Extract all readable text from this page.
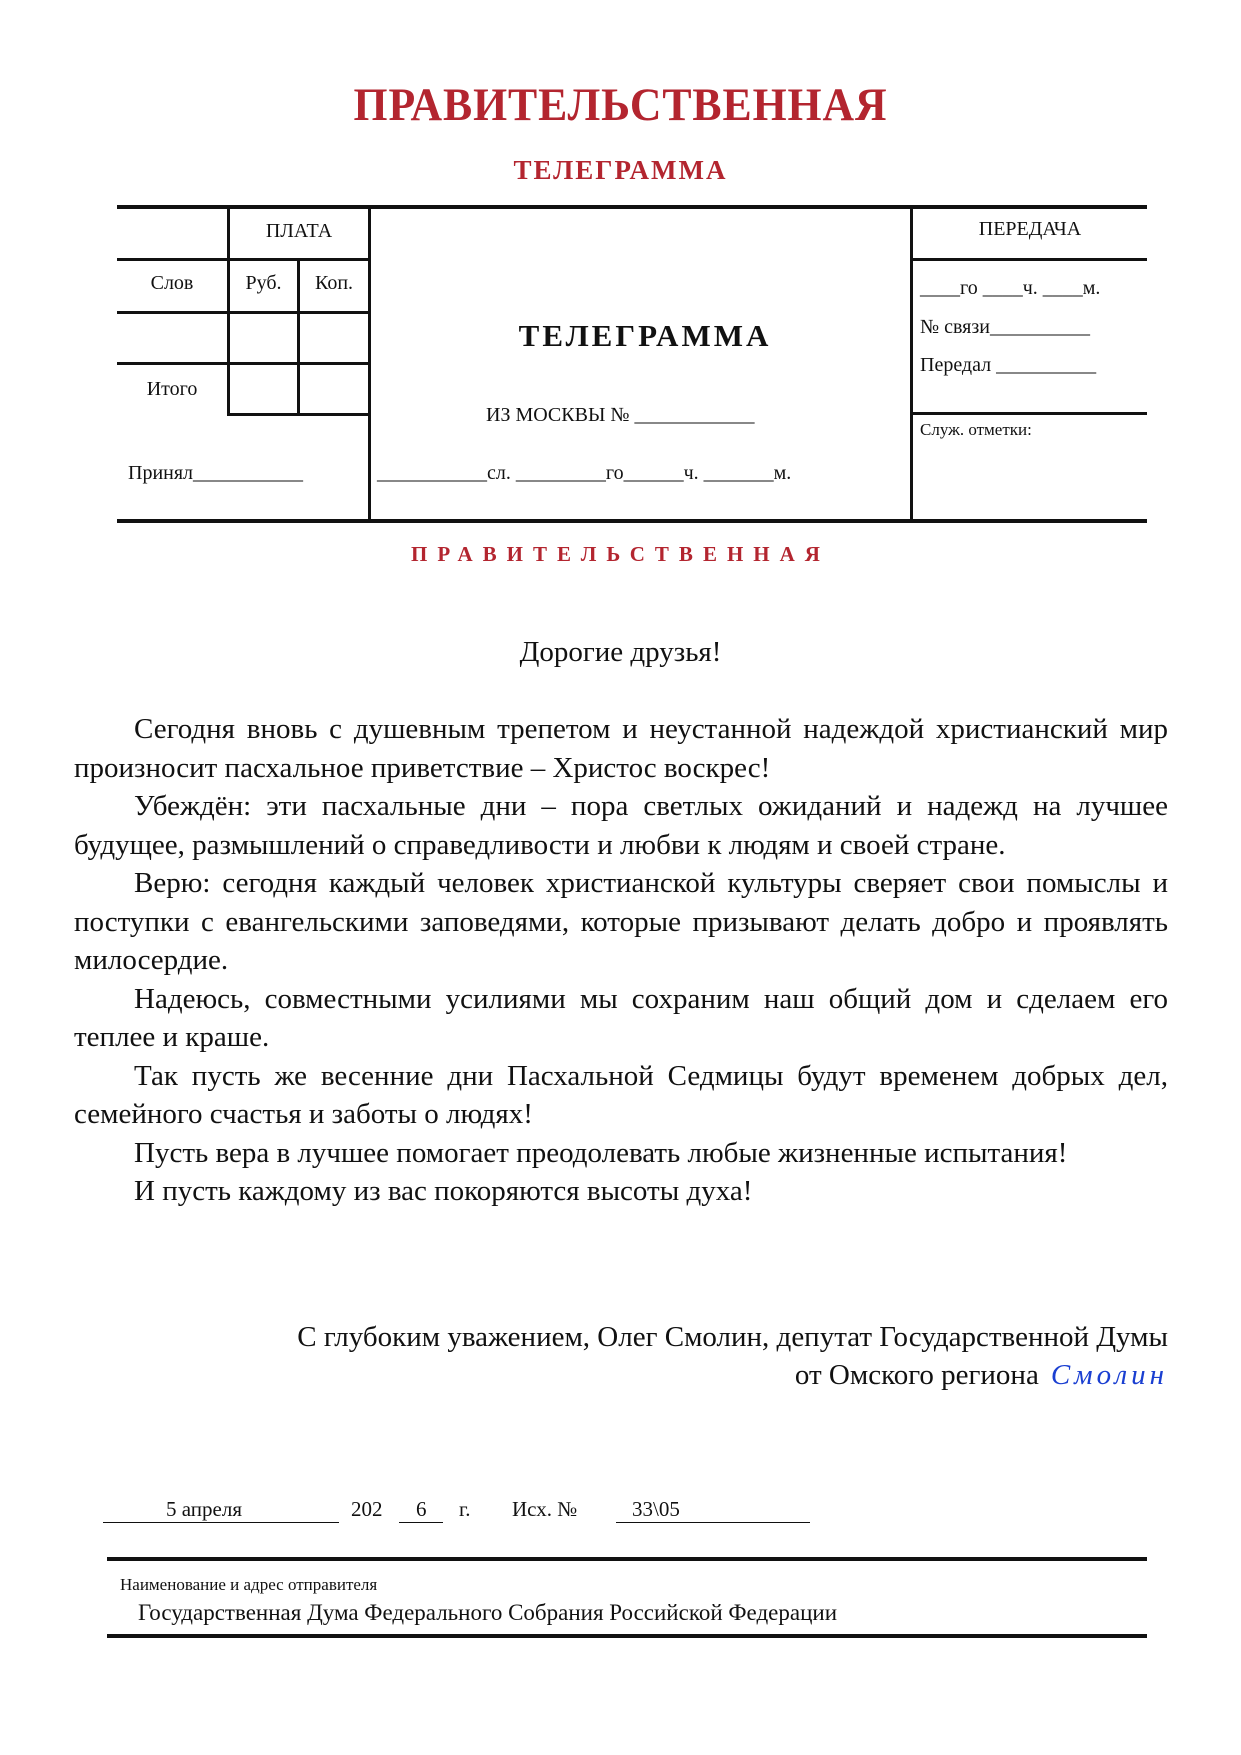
ПРАВИТЕЛЬСТВЕННАЯ
ТЕЛЕГРАММА
ПЛАТА
Слов	Руб.	Коп.
Итого
Принял___________
ТЕЛЕГРАММА
ИЗ МОСКВЫ № ____________
___________сл. _________го______ч. _______м.
ПЕРЕДАЧА
____го ____ч. ____м.
№ связи__________
Передал __________
Служ. отметки:
ПРАВИТЕЛЬСТВЕННАЯ
Дорогие друзья!

Сегодня вновь с душевным трепетом и неустанной надеждой христианский мир произносит пасхальное приветствие – Христос воскрес!

Убеждён: эти пасхальные дни – пора светлых ожиданий и надежд на лучшее будущее, размышлений о справедливости и любви к людям и своей стране.

Верю: сегодня каждый человек христианской культуры сверяет свои помыслы и поступки с евангельскими заповедями, которые призывают делать добро и проявлять милосердие.

Надеюсь, совместными усилиями мы сохраним наш общий дом и сделаем его теплее и краше.

Так пусть же весенние дни Пасхальной Седмицы будут временем добрых дел, семейного счастья и заботы о людях!

Пусть вера в лучшее помогает преодолевать любые жизненные испытания!

И пусть каждому из вас покоряются высоты духа!

С глубоким уважением, Олег Смолин, депутат Государственной Думы
от Омского региона Смолин
5 апреля	202 6 г. Исх. №	33\05
Наименование и адрес отправителя
Государственная Дума Федерального Собрания Российской Федерации
